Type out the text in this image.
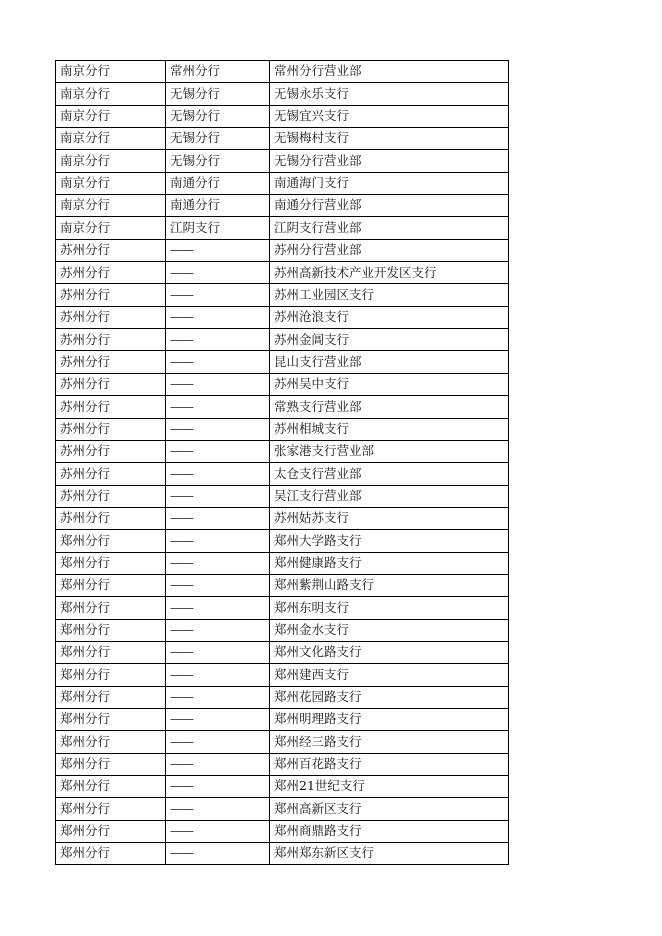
南京分行	常州分行	常州分行营业部
南京分行	无锡分行	无锡永乐支行
南京分行	无锡分行	无锡宜兴支行
南京分行	无锡分行	无锡梅村支行
南京分行	无锡分行	无锡分行营业部
南京分行	南通分行	南通海门支行
南京分行	南通分行	南通分行营业部
南京分行	江阴支行	江阴支行营业部
苏州分行	——	苏州分行营业部
苏州分行	——	苏州高新技术产业开发区支行
苏州分行	——	苏州工业园区支行
苏州分行	——	苏州沧浪支行
苏州分行	——	苏州金阊支行
苏州分行	——	昆山支行营业部
苏州分行	——	苏州吴中支行
苏州分行	——	常熟支行营业部
苏州分行	——	苏州相城支行
苏州分行	——	张家港支行营业部
苏州分行	——	太仓支行营业部
苏州分行	——	吴江支行营业部
苏州分行	——	苏州姑苏支行
郑州分行	——	郑州大学路支行
郑州分行	——	郑州健康路支行
郑州分行	——	郑州紫荆山路支行
郑州分行	——	郑州东明支行
郑州分行	——	郑州金水支行
郑州分行	——	郑州文化路支行
郑州分行	——	郑州建西支行
郑州分行	——	郑州花园路支行
郑州分行	——	郑州明理路支行
郑州分行	——	郑州经三路支行
郑州分行	——	郑州百花路支行
郑州分行	——	郑州21世纪支行
郑州分行	——	郑州高新区支行
郑州分行	——	郑州商鼎路支行
郑州分行	——	郑州郑东新区支行
